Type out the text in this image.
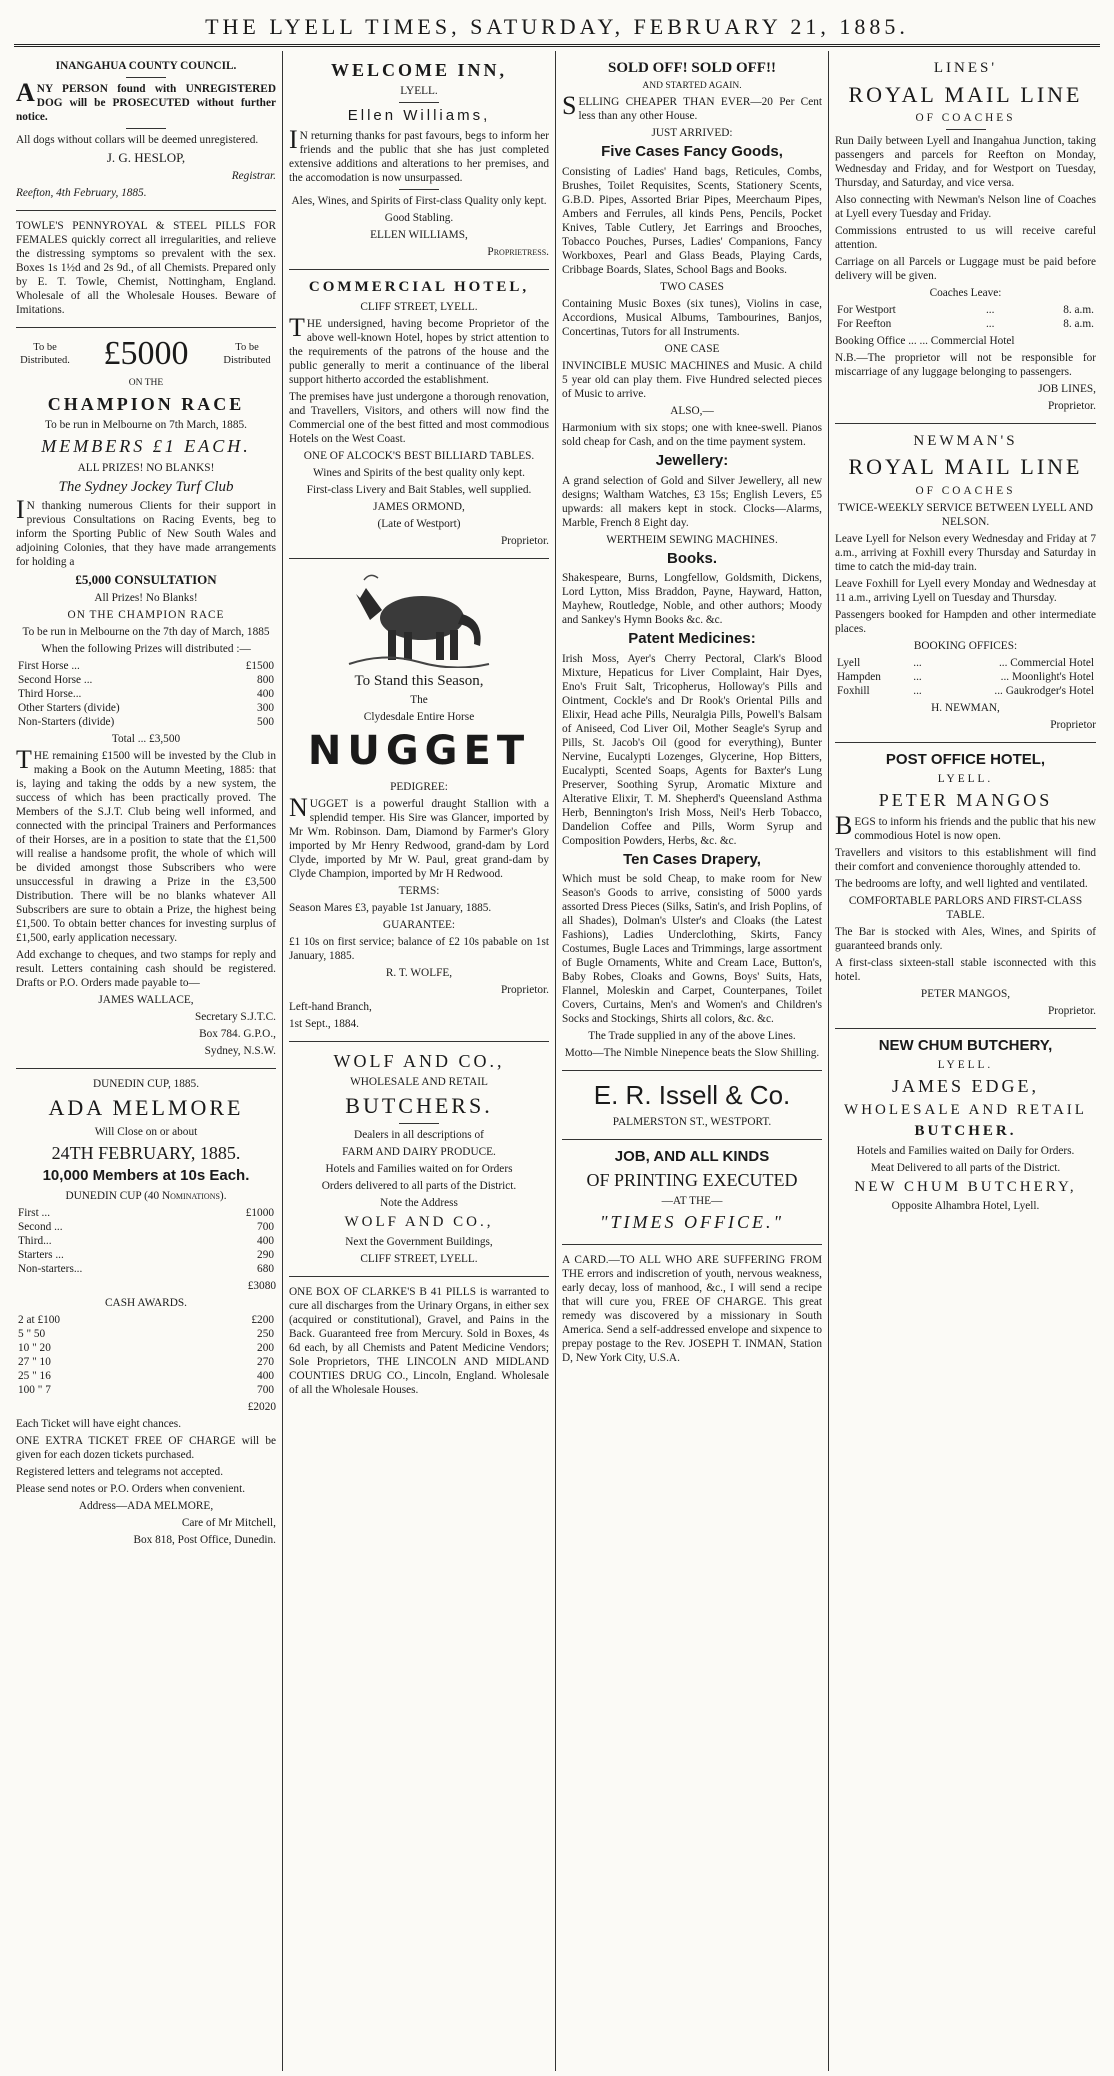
THE LYELL TIMES, SATURDAY, FEBRUARY 21, 1885.

INANGAHUA COUNTY COUNCIL.

ANY PERSON found with UNREGISTERED DOG will be PROSECUTED without further notice.

All dogs without collars will be deemed unregistered.

J. G. HESLOP,

Registrar.

Reefton, 4th February, 1885.

TOWLE'S PENNYROYAL & STEEL PILLS FOR FEMALES quickly correct all irregularities, and relieve the distressing symptoms so prevalent with the sex. Boxes 1s 1½d and 2s 9d., of all Chemists. Prepared only by E. T. Towle, Chemist, Nottingham, England. Wholesale of all the Wholesale Houses. Beware of Imitations.

To be Distributed. £5000	To be Distributed

ON THE

CHAMPION RACE

To be run in Melbourne on 7th March, 1885.

MEMBERS £1 EACH.

ALL PRIZES! NO BLANKS!

The Sydney Jockey Turf Club

IN thanking numerous Clients for their support in previous Consultations on Racing Events, beg to inform the Sporting Public of New South Wales and adjoining Colonies, that they have made arrangements for holding a

£5,000 CONSULTATION

All Prizes! No Blanks!

ON THE CHAMPION RACE

To be run in Melbourne on the 7th day of March, 1885

When the following Prizes will distributed :—

First Horse ...	£1500
Second Horse ...	800
Third Horse...	400
Other Starters (divide)	300
Non-Starters (divide)	500

Total ... £3,500

THE remaining £1500 will be invested by the Club in making a Book on the Autumn Meeting, 1885: that is, laying and taking the odds by a new system, the success of which has been practically proved. The Members of the S.J.T. Club being well informed, and connected with the principal Trainers and Performances of their Horses, are in a position to state that the £1,500 will realise a handsome profit, the whole of which will be divided amongst those Subscribers who were unsuccessful in drawing a Prize in the £3,500 Distribution. There will be no blanks whatever All Subscribers are sure to obtain a Prize, the highest being £1,500. To obtain better chances for investing surplus of £1,500, early application necessary.

Add exchange to cheques, and two stamps for reply and result. Letters containing cash should be registered. Drafts or P.O. Orders made payable to—

JAMES WALLACE,

Secretary S.J.T.C.

Box 784. G.P.O.,

Sydney, N.S.W.

DUNEDIN CUP, 1885.

ADA MELMORE

Will Close on or about

24TH FEBRUARY, 1885.

10,000 Members at 10s Each.

DUNEDIN CUP (40 Nominations).

First ...	£1000
Second ...	700
Third...	400
Starters ...	290
Non-starters...	680

£3080

CASH AWARDS.

2 at £100	£200
5 " 50	250
10 " 20	200
27 " 10	270
25 " 16	400
100 " 7	700

£2020

Each Ticket will have eight chances.

ONE EXTRA TICKET FREE OF CHARGE will be given for each dozen tickets purchased.

Registered letters and telegrams not accepted.

Please send notes or P.O. Orders when convenient.

Address—ADA MELMORE,

Care of Mr Mitchell,

Box 818, Post Office, Dunedin.

WELCOME INN,

LYELL.

Ellen Williams,

IN returning thanks for past favours, begs to inform her friends and the public that she has just completed extensive additions and alterations to her premises, and the accomodation is now unsurpassed.

Ales, Wines, and Spirits of First-class Quality only kept.

Good Stabling.

ELLEN WILLIAMS,

Proprietress.

COMMERCIAL HOTEL,

CLIFF STREET, LYELL.

THE undersigned, having become Proprietor of the above well-known Hotel, hopes by strict attention to the requirements of the patrons of the house and the public generally to merit a continuance of the liberal support hitherto accorded the establishment.

The premises have just undergone a thorough renovation, and Travellers, Visitors, and others will now find the Commercial one of the best fitted and most commodious Hotels on the West Coast.

ONE OF ALCOCK'S BEST BILLIARD TABLES.

Wines and Spirits of the best quality only kept.

First-class Livery and Bait Stables, well supplied.

JAMES ORMOND,

(Late of Westport)

Proprietor.

To Stand this Season,

The

Clydesdale Entire Horse

NUGGET

PEDIGREE:

NUGGET is a powerful draught Stallion with a splendid temper. His Sire was Glancer, imported by Mr Wm. Robinson. Dam, Diamond by Farmer's Glory imported by Mr Henry Redwood, grand-dam by Lord Clyde, imported by Mr W. Paul, great grand-dam by Clyde Champion, imported by Mr H Redwood.

TERMS:

Season Mares £3, payable 1st January, 1885.

GUARANTEE:

£1 10s on first service; balance of £2 10s pabable on 1st January, 1885.

R. T. WOLFE,

Proprietor.

Left-hand Branch,

1st Sept., 1884.

WOLF AND CO.,

WHOLESALE AND RETAIL

BUTCHERS.

Dealers in all descriptions of

FARM AND DAIRY PRODUCE.

Hotels and Families waited on for Orders

Orders delivered to all parts of the District.

Note the Address

WOLF AND CO.,

Next the Government Buildings,

CLIFF STREET, LYELL.

ONE BOX OF CLARKE'S B 41 PILLS is warranted to cure all discharges from the Urinary Organs, in either sex (acquired or constitutional), Gravel, and Pains in the Back. Guaranteed free from Mercury. Sold in Boxes, 4s 6d each, by all Chemists and Patent Medicine Vendors; Sole Proprietors, THE LINCOLN AND MIDLAND COUNTIES DRUG CO., Lincoln, England. Wholesale of all the Wholesale Houses.

SOLD OFF! SOLD OFF!!

AND STARTED AGAIN.

SELLING CHEAPER THAN EVER—20 Per Cent less than any other House.

JUST ARRIVED:

Five Cases Fancy Goods,

Consisting of Ladies' Hand bags, Reticules, Combs, Brushes, Toilet Requisites, Scents, Stationery Scents, G.B.D. Pipes, Assorted Briar Pipes, Meerchaum Pipes, Ambers and Ferrules, all kinds Pens, Pencils, Pocket Knives, Table Cutlery, Jet Earrings and Brooches, Tobacco Pouches, Purses, Ladies' Companions, Fancy Workboxes, Pearl and Glass Beads, Playing Cards, Cribbage Boards, Slates, School Bags and Books.

TWO CASES

Containing Music Boxes (six tunes), Violins in case, Accordions, Musical Albums, Tambourines, Banjos, Concertinas, Tutors for all Instruments.

ONE CASE

INVINCIBLE MUSIC MACHINES and Music. A child 5 year old can play them. Five Hundred selected pieces of Music to arrive.

ALSO,—

Harmonium with six stops; one with knee-swell. Pianos sold cheap for Cash, and on the time payment system.

Jewellery:

A grand selection of Gold and Silver Jewellery, all new designs; Waltham Watches, £3 15s; English Levers, £5 upwards: all makers kept in stock. Clocks—Alarms, Marble, French 8 Eight day.

WERTHEIM SEWING MACHINES.

Books.

Shakespeare, Burns, Longfellow, Goldsmith, Dickens, Lord Lytton, Miss Braddon, Payne, Hayward, Hatton, Mayhew, Routledge, Noble, and other authors; Moody and Sankey's Hymn Books &c. &c.

Patent Medicines:

Irish Moss, Ayer's Cherry Pectoral, Clark's Blood Mixture, Hepaticus for Liver Complaint, Hair Dyes, Eno's Fruit Salt, Tricopherus, Holloway's Pills and Ointment, Cockle's and Dr Rook's Oriental Pills and Elixir, Head ache Pills, Neuralgia Pills, Powell's Balsam of Aniseed, Cod Liver Oil, Mother Seagle's Syrup and Pills, St. Jacob's Oil (good for everything), Bunter Nervine, Eucalypti Lozenges, Glycerine, Hop Bitters, Eucalypti, Scented Soaps, Agents for Baxter's Lung Preserver, Soothing Syrup, Aromatic Mixture and Alterative Elixir, T. M. Shepherd's Queensland Asthma Herb, Bennington's Irish Moss, Neil's Herb Tobacco, Dandelion Coffee and Pills, Worm Syrup and Composition Powders, Herbs, &c. &c.

Ten Cases Drapery,

Which must be sold Cheap, to make room for New Season's Goods to arrive, consisting of 5000 yards assorted Dress Pieces (Silks, Satin's, and Irish Poplins, of all Shades), Dolman's Ulster's and Cloaks (the Latest Fashions), Ladies Underclothing, Skirts, Fancy Costumes, Bugle Laces and Trimmings, large assortment of Bugle Ornaments, White and Cream Lace, Button's, Baby Robes, Cloaks and Gowns, Boys' Suits, Hats, Flannel, Moleskin and Carpet, Counterpanes, Toilet Covers, Curtains, Men's and Women's and Children's Socks and Stockings, Shirts all colors, &c. &c.

The Trade supplied in any of the above Lines.

Motto—The Nimble Ninepence beats the Slow Shilling.

E. R. Issell & Co.

PALMERSTON ST., WESTPORT.

JOB, AND ALL KINDS

OF PRINTING EXECUTED

—AT THE—

"TIMES OFFICE."

A CARD.—TO ALL WHO ARE SUFFERING FROM THE errors and indiscretion of youth, nervous weakness, early decay, loss of manhood, &c., I will send a recipe that will cure you, FREE OF CHARGE. This great remedy was discovered by a missionary in South America. Send a self-addressed envelope and sixpence to prepay postage to the Rev. JOSEPH T. INMAN, Station D, New York City, U.S.A.

LINES'

ROYAL MAIL LINE

OF COACHES

Run Daily between Lyell and Inangahua Junction, taking passengers and parcels for Reefton on Monday, Wednesday and Friday, and for Westport on Tuesday, Thursday, and Saturday, and vice versa.

Also connecting with Newman's Nelson line of Coaches at Lyell every Tuesday and Friday.

Commissions entrusted to us will receive careful attention.

Carriage on all Parcels or Luggage must be paid before delivery will be given.

Coaches Leave:

For Westport	...	8. a.m.
For Reefton	...	8. a.m.

Booking Office ... ... Commercial Hotel

N.B.—The proprietor will not be responsible for miscarriage of any luggage belonging to passengers.

JOB LINES,

Proprietor.

NEWMAN'S

ROYAL MAIL LINE

OF COACHES

TWICE-WEEKLY SERVICE BETWEEN LYELL AND NELSON.

Leave Lyell for Nelson every Wednesday and Friday at 7 a.m., arriving at Foxhill every Thursday and Saturday in time to catch the mid-day train.

Leave Foxhill for Lyell every Monday and Wednesday at 11 a.m., arriving Lyell on Tuesday and Thursday.

Passengers booked for Hampden and other intermediate places.

BOOKING OFFICES:

Lyell	...	... Commercial Hotel
Hampden	...	... Moonlight's Hotel
Foxhill	...	... Gaukrodger's Hotel

H. NEWMAN,

Proprietor

POST OFFICE HOTEL,

LYELL.

PETER MANGOS

BEGS to inform his friends and the public that his new commodious Hotel is now open.

Travellers and visitors to this establishment will find their comfort and convenience thoroughly attended to.

The bedrooms are lofty, and well lighted and ventilated.

COMFORTABLE PARLORS AND FIRST-CLASS TABLE.

The Bar is stocked with Ales, Wines, and Spirits of guaranteed brands only.

A first-class sixteen-stall stable isconnected with this hotel.

PETER MANGOS,

Proprietor.

NEW CHUM BUTCHERY,

LYELL.

JAMES EDGE,

WHOLESALE AND RETAIL

BUTCHER.

Hotels and Families waited on Daily for Orders.

Meat Delivered to all parts of the District.

NEW CHUM BUTCHERY,

Opposite Alhambra Hotel, Lyell.
